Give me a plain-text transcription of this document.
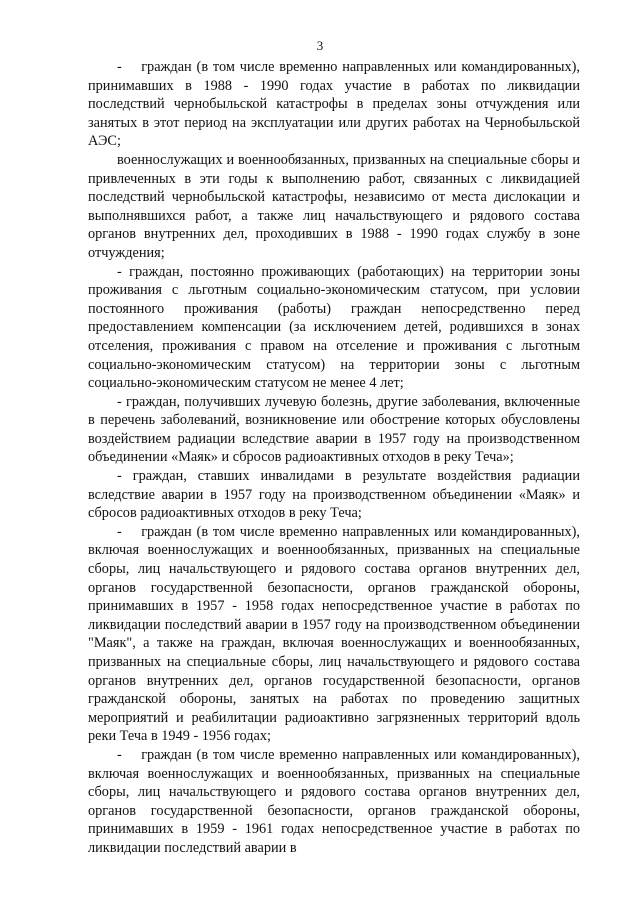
3

-    граждан (в том числе временно направленных или командированных), принимавших в 1988 - 1990 годах участие в работах по ликвидации последствий чернобыльской катастрофы в пределах зоны отчуждения или занятых в этот период на эксплуатации или других работах на Чернобыльской АЭС;

военнослужащих и военнообязанных, призванных на специальные сборы и привлеченных в эти годы к выполнению работ, связанных с ликвидацией последствий чернобыльской катастрофы, независимо от места дислокации и выполнявшихся работ, а также лиц начальствующего и рядового состава органов внутренних дел, проходивших в 1988 - 1990 годах службу в зоне отчуждения;

- граждан, постоянно проживающих (работающих) на территории зоны проживания с льготным социально-экономическим статусом, при условии постоянного проживания (работы) граждан непосредственно перед предоставлением компенсации (за исключением детей, родившихся в зонах отселения, проживания с правом на отселение и проживания с льготным социально-экономическим статусом) на территории зоны с льготным социально-экономическим статусом не менее 4 лет;

- граждан, получивших лучевую болезнь, другие заболевания, включенные в перечень заболеваний, возникновение или обострение которых обусловлены воздействием радиации вследствие аварии в 1957 году на производственном объединении «Маяк» и сбросов радиоактивных отходов в реку Теча»;

- граждан, ставших инвалидами в результате воздействия радиации вследствие аварии в 1957 году на производственном объединении «Маяк» и сбросов радиоактивных отходов в реку Теча;

-    граждан (в том числе временно направленных или командированных), включая военнослужащих и военнообязанных, призванных на специальные сборы, лиц начальствующего и рядового состава органов внутренних дел, органов государственной безопасности, органов гражданской обороны, принимавших в 1957 - 1958 годах непосредственное участие в работах по ликвидации последствий аварии в 1957 году на производственном объединении "Маяк", а также на граждан, включая военнослужащих и военнообязанных, призванных на специальные сборы, лиц начальствующего и рядового состава органов внутренних дел, органов государственной безопасности, органов гражданской обороны, занятых на работах по проведению защитных мероприятий и реабилитации радиоактивно загрязненных территорий вдоль реки Теча в 1949 - 1956 годах;

-    граждан (в том числе временно направленных или командированных), включая военнослужащих и военнообязанных, призванных на специальные сборы, лиц начальствующего и рядового состава органов внутренних дел, органов государственной безопасности, органов гражданской обороны, принимавших в 1959 - 1961 годах непосредственное участие в работах по ликвидации последствий аварии в
